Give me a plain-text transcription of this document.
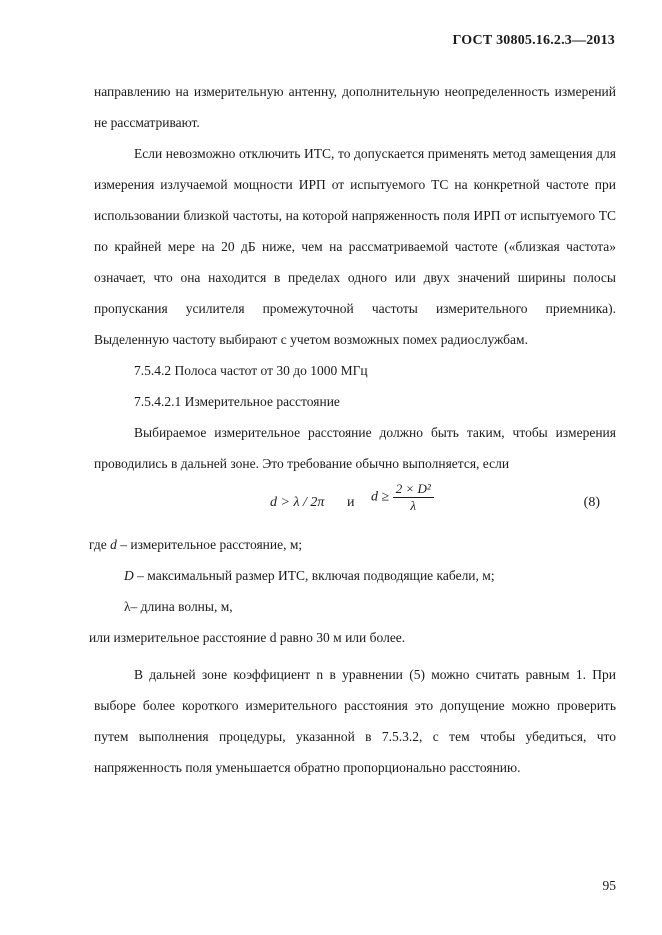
ГОСТ 30805.16.2.3—2013

направлению на измерительную антенну, дополнительную неопределенность измерений не рассматривают.

Если невозможно отключить ИТС, то допускается применять метод замещения для измерения излучаемой мощности ИРП от испытуемого ТС на конкретной частоте при использовании близкой частоты, на которой напряженность поля ИРП от испытуемого ТС по крайней мере на 20 дБ ниже, чем на рассматриваемой частоте («близкая частота» означает, что она находится в пределах одного или двух значений ширины полосы пропускания усилителя промежуточной частоты измерительного приемника). Выделенную частоту выбирают с учетом возможных помех радиослужбам.

7.5.4.2 Полоса частот от 30 до 1000 МГц

7.5.4.2.1 Измерительное расстояние

Выбираемое измерительное расстояние должно быть таким, чтобы измерения проводились в дальней зоне. Это требование обычно выполняется, если

d > λ / 2π и $d \ge \frac{\text{2 × D²}}{\lambda}$	(8)

где d – измерительное расстояние, м;

D – максимальный размер ИТС, включая подводящие кабели, м;

λ– длина волны, м,

или измерительное расстояние d равно 30 м или более.

В дальней зоне коэффициент n в уравнении (5) можно считать равным 1. При выборе более короткого измерительного расстояния это допущение можно проверить путем выполнения процедуры, указанной в 7.5.3.2, с тем чтобы убедиться, что напряженность поля уменьшается обратно пропорционально расстоянию.

95
